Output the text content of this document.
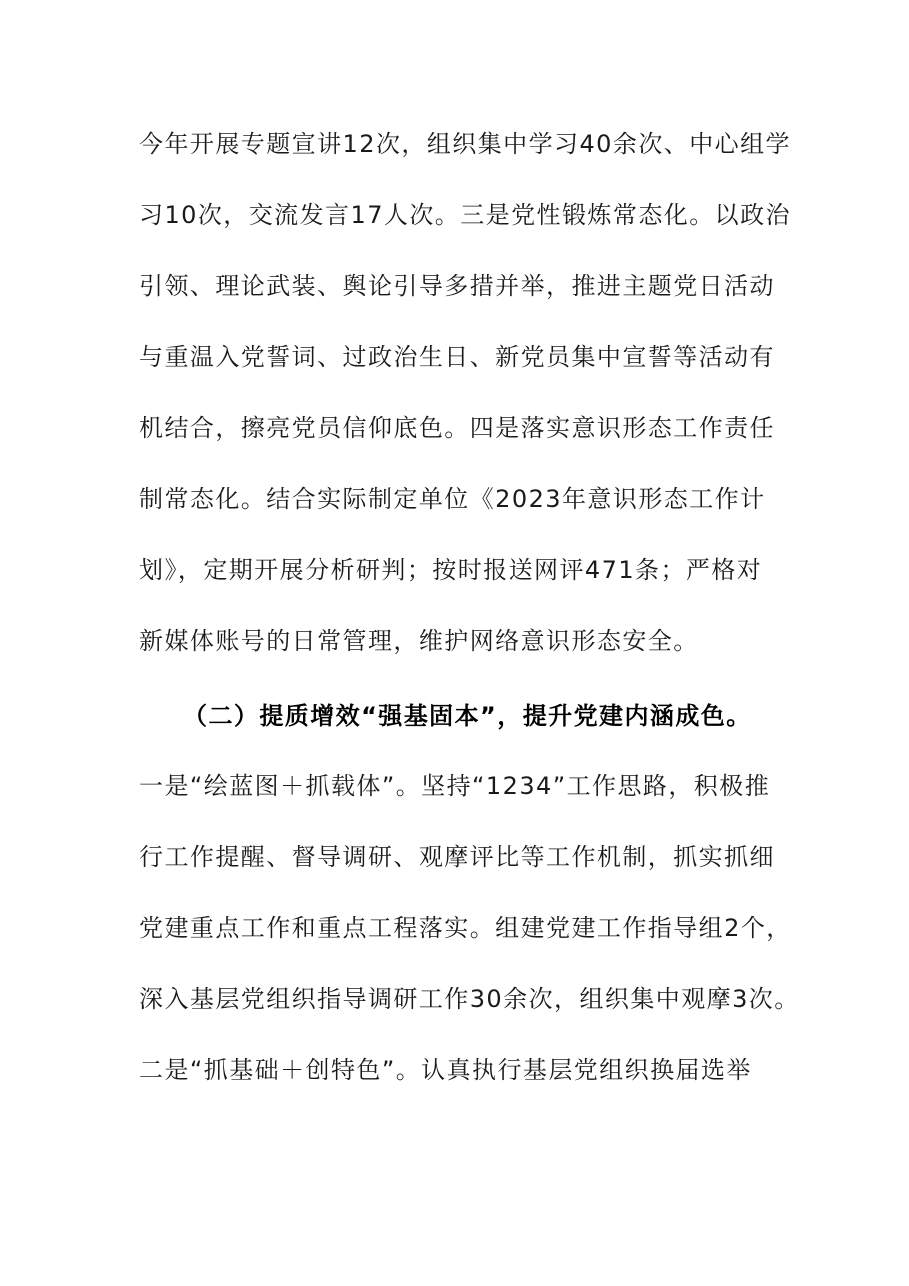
今年开展专题宣讲12次，组织集中学习40余次、中心组学
习10次，交流发言17人次。三是党性锻炼常态化。以政治
引领、理论武装、舆论引导多措并举，推进主题党日活动
与重温入党誓词、过政治生日、新党员集中宣誓等活动有
机结合，擦亮党员信仰底色。四是落实意识形态工作责任
制常态化。结合实际制定单位《2023年意识形态工作计
划》，定期开展分析研判；按时报送网评471条；严格对
新媒体账号的日常管理，维护网络意识形态安全。
（二）提质增效“强基固本”，提升党建内涵成色。
一是“绘蓝图＋抓载体”。坚持“1234”工作思路，积极推
行工作提醒、督导调研、观摩评比等工作机制，抓实抓细
党建重点工作和重点工程落实。组建党建工作指导组2个，
深入基层党组织指导调研工作30余次，组织集中观摩3次。
二是“抓基础＋创特色”。认真执行基层党组织换届选举
